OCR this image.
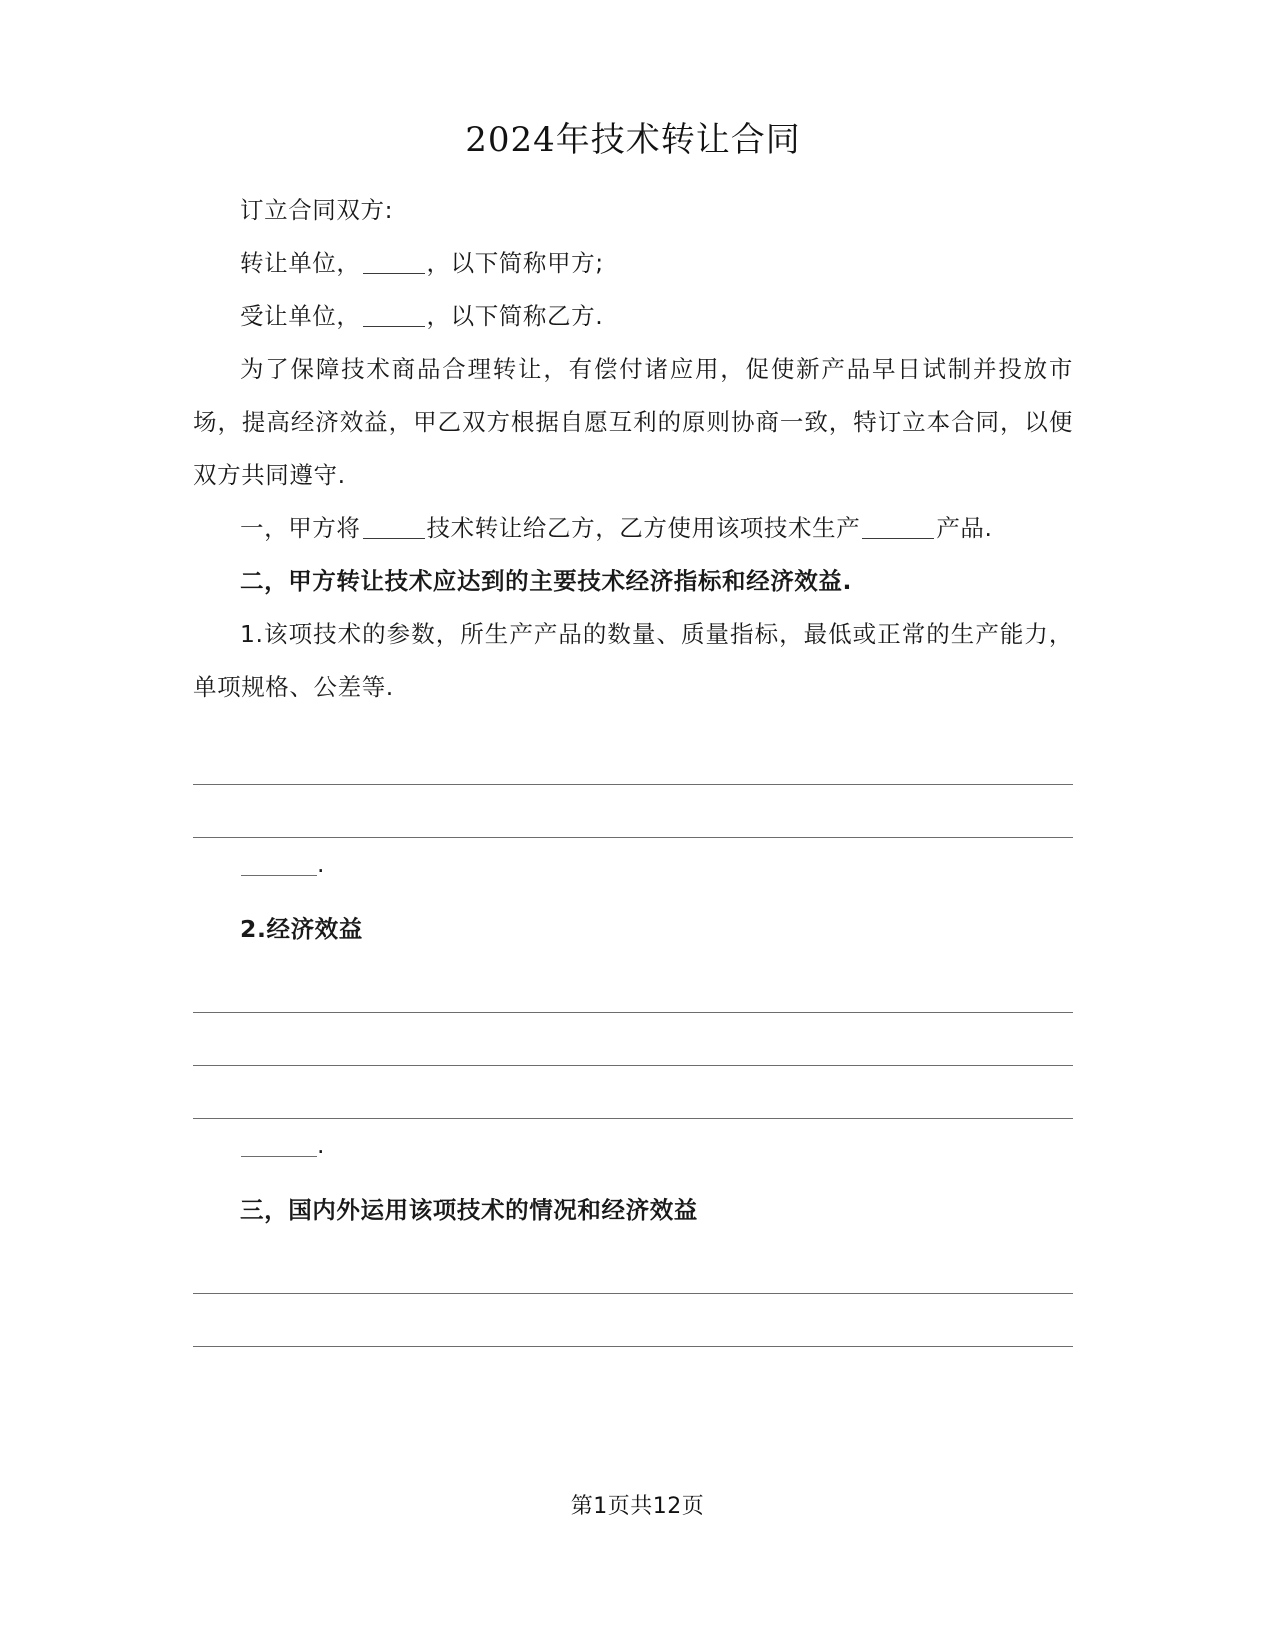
2024年技术转让合同

订立合同双方:

转让单位，	，以下简称甲方;

受让单位，	，以下简称乙方.

为了保障技术商品合理转让，有偿付诸应用，促使新产品早日试制并投放市场，提高经济效益，甲乙双方根据自愿互利的原则协商一致，特订立本合同，以便双方共同遵守.

一，甲方将	技术转让给乙方，乙方使用该项技术生产	产品.

二，甲方转让技术应达到的主要技术经济指标和经济效益.

1.该项技术的参数，所生产产品的数量、质量指标，最低或正常的生产能力，单项规格、公差等.

.

2.经济效益

.

三，国内外运用该项技术的情况和经济效益

第1页共12页
